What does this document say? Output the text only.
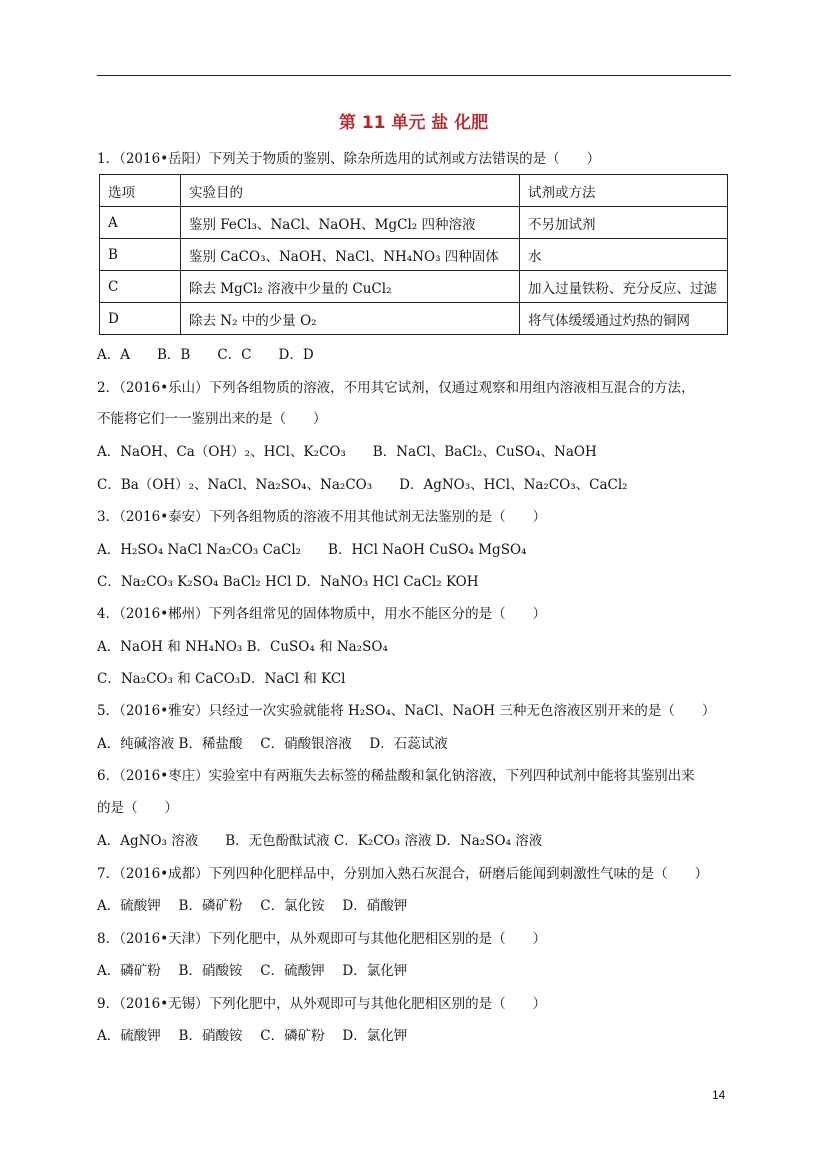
第 11 单元 盐 化肥
1．（2016•岳阳）下列关于物质的鉴别、除杂所选用的试剂或方法错误的是（　　）
选项	实验目的	试剂或方法
A	鉴别 FeCl₃、NaCl、NaOH、MgCl₂ 四种溶液	不另加试剂
B	鉴别 CaCO₃、NaOH、NaCl、NH₄NO₃ 四种固体	水
C	除去 MgCl₂ 溶液中少量的 CuCl₂	加入过量铁粉、充分反应、过滤
D	除去 N₂ 中的少量 O₂	将气体缓缓通过灼热的铜网
A．A　　B．B　　C．C　　D．D
2．（2016•乐山）下列各组物质的溶液，不用其它试剂，仅通过观察和用组内溶液相互混合的方法，
不能将它们一一鉴别出来的是（　　）
A．NaOH、Ca（OH）₂、HCl、K₂CO₃　　B．NaCl、BaCl₂、CuSO₄、NaOH
C．Ba（OH）₂、NaCl、Na₂SO₄、Na₂CO₃　　D．AgNO₃、HCl、Na₂CO₃、CaCl₂
3．（2016•泰安）下列各组物质的溶液不用其他试剂无法鉴别的是（　　）
A．H₂SO₄ NaCl Na₂CO₃ CaCl₂　　B．HCl NaOH CuSO₄ MgSO₄
C．Na₂CO₃ K₂SO₄ BaCl₂ HCl D．NaNO₃ HCl CaCl₂ KOH
4．（2016•郴州）下列各组常见的固体物质中，用水不能区分的是（　　）
A．NaOH 和 NH₄NO₃ B．CuSO₄ 和 Na₂SO₄
C．Na₂CO₃ 和 CaCO₃D．NaCl 和 KCl
5．（2016•雅安）只经过一次实验就能将 H₂SO₄、NaCl、NaOH 三种无色溶液区别开来的是（　　）
A．纯碱溶液 B．稀盐酸　 C．硝酸银溶液　 D．石蕊试液
6．（2016•枣庄）实验室中有两瓶失去标签的稀盐酸和氯化钠溶液，下列四种试剂中能将其鉴别出来
的是（　　）
A．AgNO₃ 溶液　　B．无色酚酞试液 C．K₂CO₃ 溶液 D．Na₂SO₄ 溶液
7．（2016•成都）下列四种化肥样品中，分别加入熟石灰混合，研磨后能闻到刺激性气味的是（　　）
A．硫酸钾　 B．磷矿粉　 C．氯化铵　 D．硝酸钾
8．（2016•天津）下列化肥中，从外观即可与其他化肥相区别的是（　　）
A．磷矿粉　 B．硝酸铵　 C．硫酸钾　 D．氯化钾
9．（2016•无锡）下列化肥中，从外观即可与其他化肥相区别的是（　　）
A．硫酸钾　 B．硝酸铵　 C．磷矿粉　 D．氯化钾
14
